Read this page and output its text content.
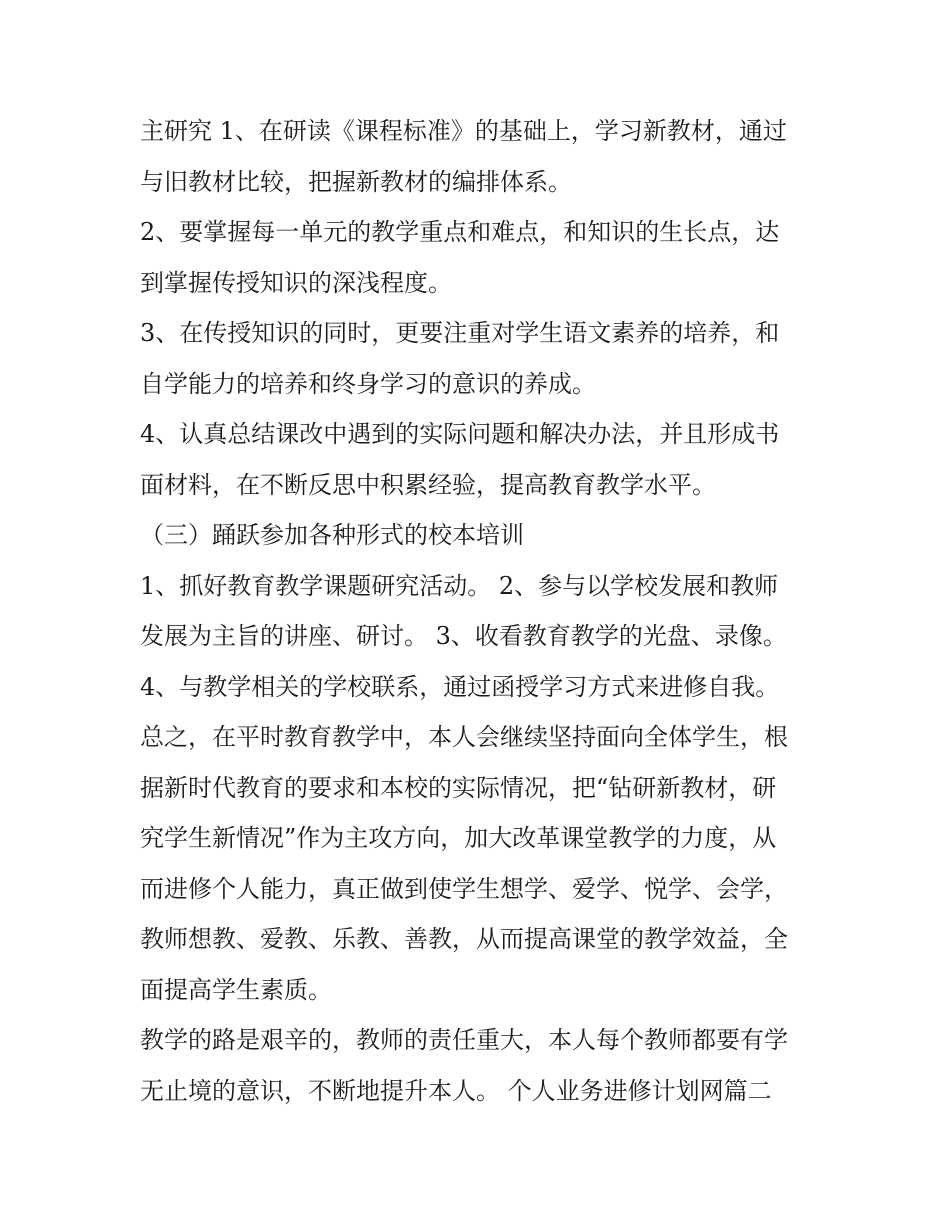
主研究 1、在研读《课程标准》的基础上，学习新教材，通过
与旧教材比较，把握新教材的编排体系。
2、要掌握每一单元的教学重点和难点，和知识的生长点，达
到掌握传授知识的深浅程度。
3、在传授知识的同时，更要注重对学生语文素养的培养，和
自学能力的培养和终身学习的意识的养成。
4、认真总结课改中遇到的实际问题和解决办法，并且形成书
面材料，在不断反思中积累经验，提高教育教学水平。
（三）踊跃参加各种形式的校本培训
1、抓好教育教学课题研究活动。 2、参与以学校发展和教师
发展为主旨的讲座、研讨。 3、收看教育教学的光盘、录像。
4、与教学相关的学校联系，通过函授学习方式来进修自我。
总之，在平时教育教学中，本人会继续坚持面向全体学生，根
据新时代教育的要求和本校的实际情况，把“钻研新教材，研
究学生新情况”作为主攻方向，加大改革课堂教学的力度，从
而进修个人能力，真正做到使学生想学、爱学、悦学、会学，
教师想教、爱教、乐教、善教，从而提高课堂的教学效益，全
面提高学生素质。
教学的路是艰辛的，教师的责任重大，本人每个教师都要有学
无止境的意识，不断地提升本人。 个人业务进修计划网篇二
